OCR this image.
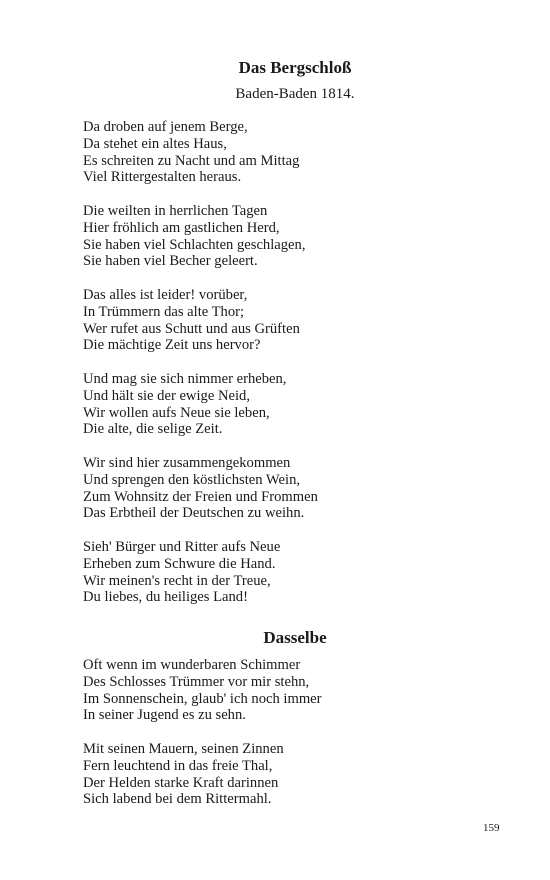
Das Bergschloß

Baden-Baden 1814.

Da droben auf jenem Berge,
Da stehet ein altes Haus,
Es schreiten zu Nacht und am Mittag
Viel Rittergestalten heraus.
Die weilten in herrlichen Tagen
Hier fröhlich am gastlichen Herd,
Sie haben viel Schlachten geschlagen,
Sie haben viel Becher geleert.
Das alles ist leider! vorüber,
In Trümmern das alte Thor;
Wer rufet aus Schutt und aus Grüften
Die mächtige Zeit uns hervor?
Und mag sie sich nimmer erheben,
Und hält sie der ewige Neid,
Wir wollen aufs Neue sie leben,
Die alte, die selige Zeit.
Wir sind hier zusammengekommen
Und sprengen den köstlichsten Wein,
Zum Wohnsitz der Freien und Frommen
Das Erbtheil der Deutschen zu weihn.
Sieh' Bürger und Ritter aufs Neue
Erheben zum Schwure die Hand.
Wir meinen's recht in der Treue,
Du liebes, du heiliges Land!
Dasselbe
Oft wenn im wunderbaren Schimmer
Des Schlosses Trümmer vor mir stehn,
Im Sonnenschein, glaub' ich noch immer
In seiner Jugend es zu sehn.
Mit seinen Mauern, seinen Zinnen
Fern leuchtend in das freie Thal,
Der Helden starke Kraft darinnen
Sich labend bei dem Rittermahl.
159
